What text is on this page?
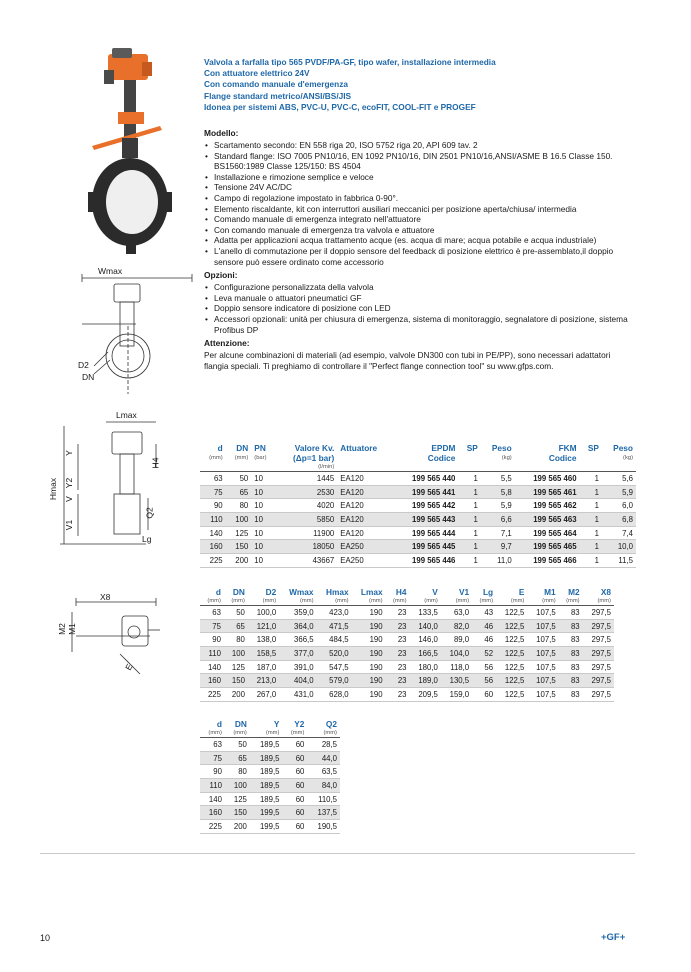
Wmax
D2
DN
Lmax
H4
Hmax
Y
Y2
V
V1
Q2
Lg
X8
M2 M1
E
Valvola a farfalla tipo 565 PVDF/PA-GF, tipo wafer, installazione intermedia
Con attuatore elettrico 24V
Con comando manuale d'emergenza
Flange standard metrico/ANSI/BS/JIS
Idonea per sistemi ABS, PVC-U, PVC-C, ecoFIT, COOL-FIT e PROGEF
Modello:
• Scartamento secondo: EN 558 riga 20, ISO 5752 riga 20, API 609 tav. 2
• Standard flange: ISO 7005 PN10/16, EN 1092 PN10/16, DIN 2501 PN10/16,ANSI/ASME B 16.5 Classe 150. BS1560:1989 Classe 125/150: BS 4504
• Installazione e rimozione semplice e veloce
• Tensione 24V AC/DC
• Campo di regolazione impostato in fabbrica 0-90°.
• Elemento riscaldante, kit con interruttori ausiliari meccanici per posizione aperta/chiusa/ intermedia
• Comando manuale di emergenza integrato nell'attuatore
• Con comando manuale di emergenza tra valvola e attuatore
• Adatta per applicazioni acqua trattamento acque (es. acqua di mare; acqua potabile e acqua industriale)
• L'anello di commutazione per il doppio sensore del feedback di posizione elettrico è pre-assemblato,il doppio sensore può essere ordinato come accessorio
Opzioni:
• Configurazione personalizzata della valvola
• Leva manuale o attuatori pneumatici GF
• Doppio sensore indicatore di posizione con LED
• Accessori opzionali: unità per chiusura di emergenza, sistema di monitoraggio, segnalatore di posizione, sistema Profibus DP
Attenzione:
Per alcune combinazioni di materiali (ad esempio, valvole DN300 con tubi in PE/PP), sono necessari adattatori flangia speciali. Ti preghiamo di controllare il "Perfect flange connection tool" su www.gfps.com.
d	DN	PN	Valore Kv.	Attuatore	EPDM	SP	Peso	FKM	SP	Peso
(mm)	(mm)	(bar)	(Δp=1 bar)		Codice		(kg)	Codice		(kg)
			(l/min)							
63	50	10	1445	EA120	199 565 440	1	5,5	199 565 460	1	5,6
75	65	10	2530	EA120	199 565 441	1	5,8	199 565 461	1	5,9
90	80	10	4020	EA120	199 565 442	1	5,9	199 565 462	1	6,0
110	100	10	5850	EA120	199 565 443	1	6,6	199 565 463	1	6,8
140	125	10	11900	EA120	199 565 444	1	7,1	199 565 464	1	7,4
160	150	10	18050	EA250	199 565 445	1	9,7	199 565 465	1	10,0
225	200	10	43667	EA250	199 565 446	1	11,0	199 565 466	1	11,5
d	DN	D2	Wmax	Hmax	Lmax	H4	V	V1	Lg	E	M1	M2	X8
(mm)	(mm)	(mm)	(mm)	(mm)	(mm)	(mm)	(mm)	(mm)	(mm)	(mm)	(mm)	(mm)	(mm)
63	50	100,0	359,0	423,0	190	23	133,5	63,0	43	122,5	107,5	83	297,5
75	65	121,0	364,0	471,5	190	23	140,0	82,0	46	122,5	107,5	83	297,5
90	80	138,0	366,5	484,5	190	23	146,0	89,0	46	122,5	107,5	83	297,5
110	100	158,5	377,0	520,0	190	23	166,5	104,0	52	122,5	107,5	83	297,5
140	125	187,0	391,0	547,5	190	23	180,0	118,0	56	122,5	107,5	83	297,5
160	150	213,0	404,0	579,0	190	23	189,0	130,5	56	122,5	107,5	83	297,5
225	200	267,0	431,0	628,0	190	23	209,5	159,0	60	122,5	107,5	83	297,5
d	DN	Y	Y2	Q2
(mm)	(mm)	(mm)	(mm)	(mm)
63	50	189,5	60	28,5
75	65	189,5	60	44,0
90	80	189,5	60	63,5
110	100	189,5	60	84,0
140	125	189,5	60	110,5
160	150	199,5	60	137,5
225	200	199,5	60	190,5
10	+GF+
